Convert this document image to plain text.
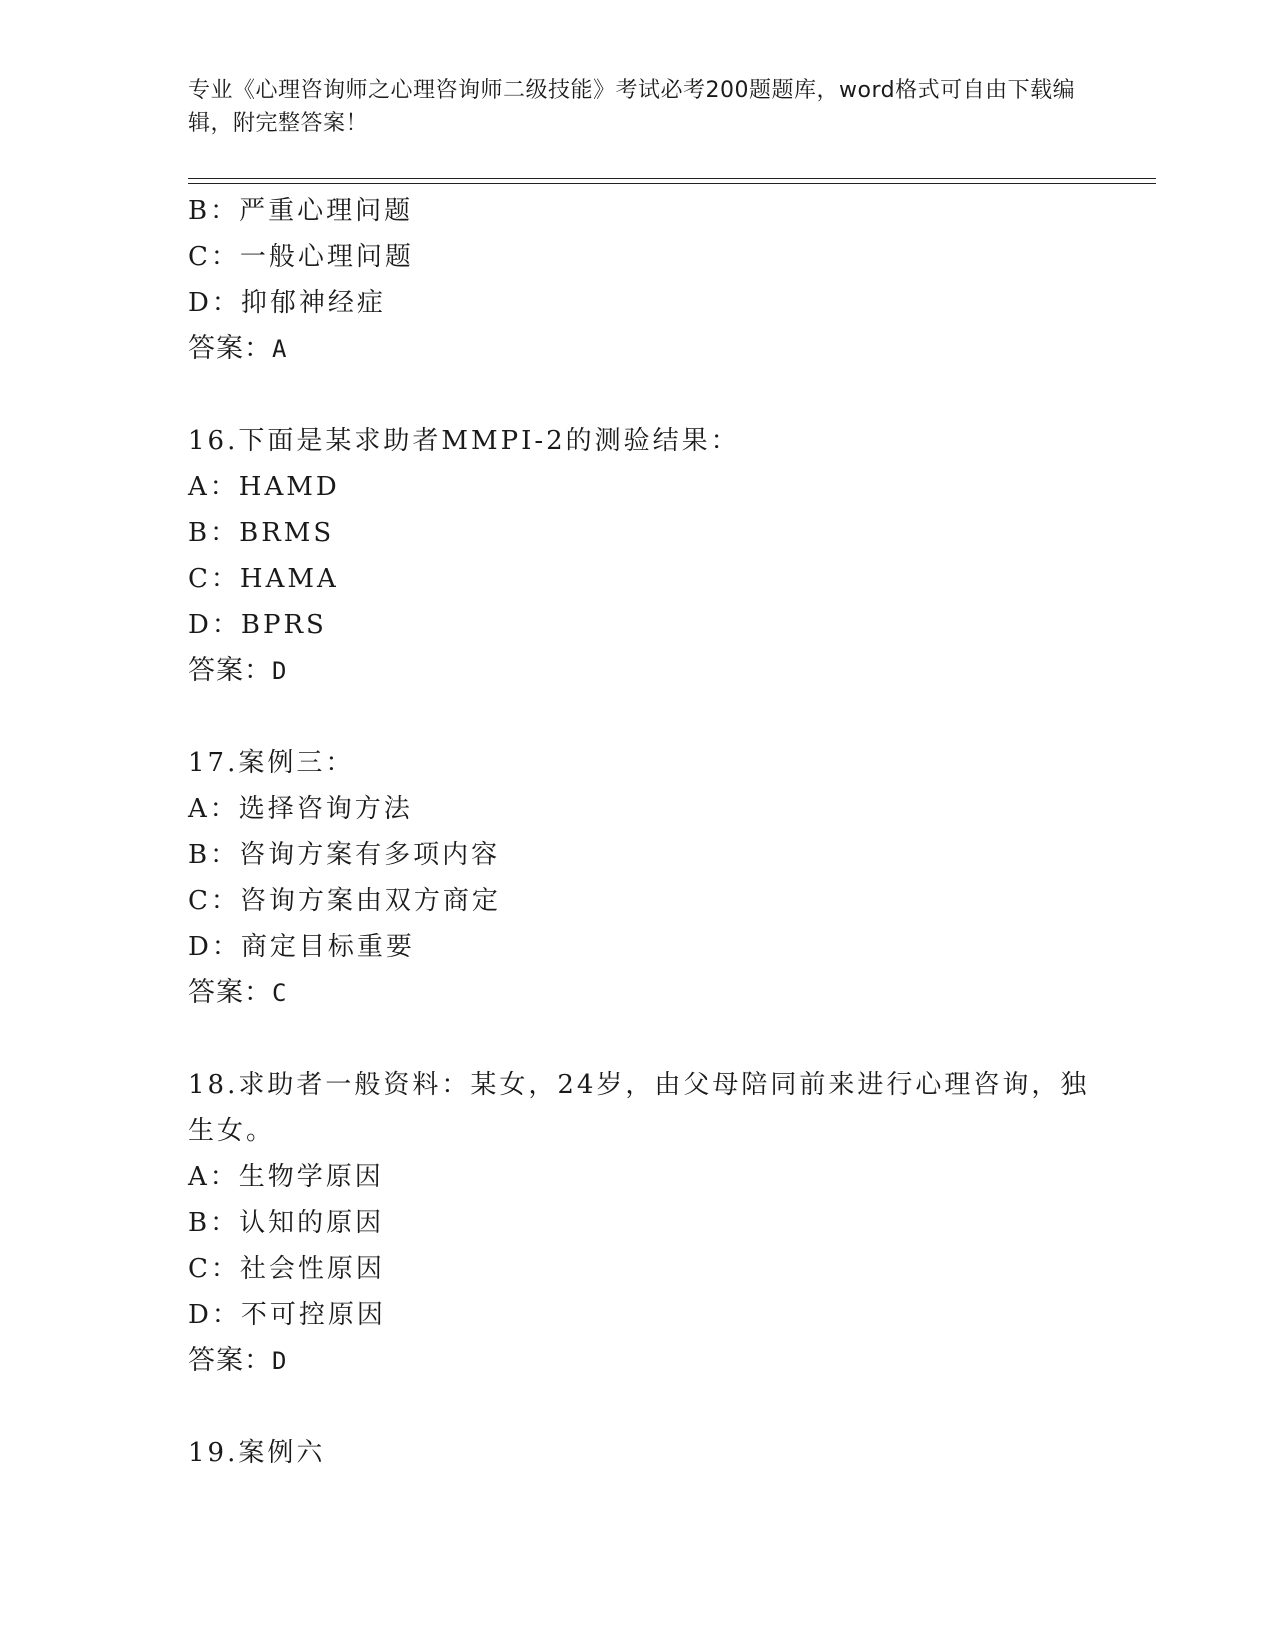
专业《心理咨询师之心理咨询师二级技能》考试必考200题题库，word格式可自由下载编辑，附完整答案！
B：严重心理问题
C：一般心理问题
D：抑郁神经症
答案：A
16.下面是某求助者MMPI-2的测验结果：
A：HAMD
B：BRMS
C：HAMA
D：BPRS
答案：D
17.案例三：
A：选择咨询方法
B：咨询方案有多项内容
C：咨询方案由双方商定
D：商定目标重要
答案：C
18.求助者一般资料：某女，24岁，由父母陪同前来进行心理咨询，独
生女。
A：生物学原因
B：认知的原因
C：社会性原因
D：不可控原因
答案：D
19.案例六
